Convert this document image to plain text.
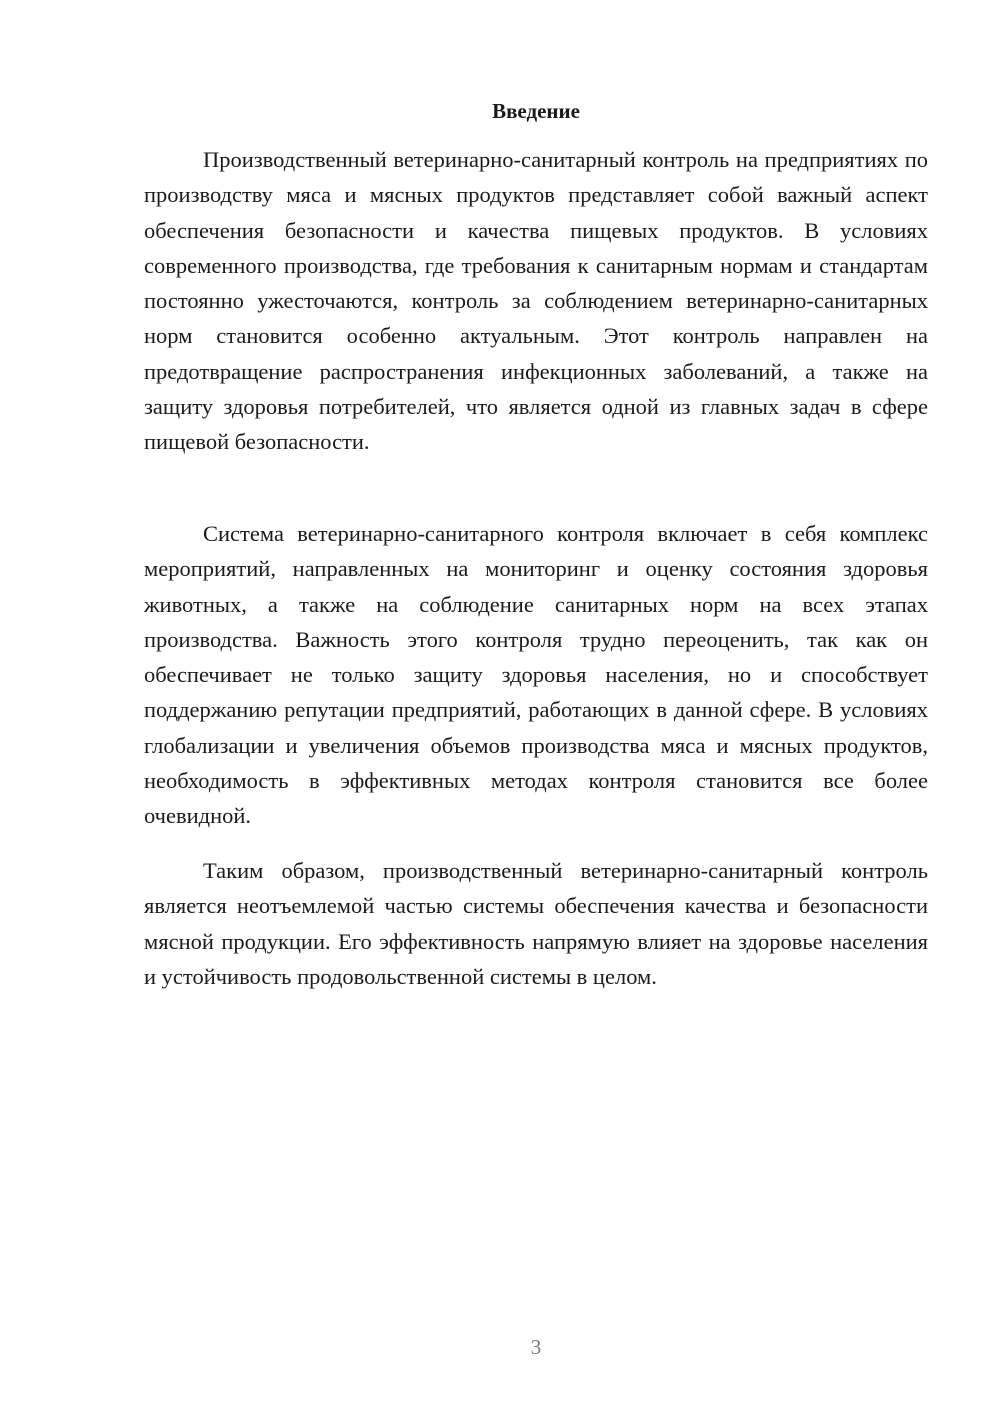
Введение

Производственный ветеринарно-санитарный контроль на предприятиях по производству мяса и мясных продуктов представляет собой важный аспект обеспечения безопасности и качества пищевых продуктов. В условиях современного производства, где требования к санитарным нормам и стандартам постоянно ужесточаются, контроль за соблюдением ветеринарно-санитарных норм становится особенно актуальным. Этот контроль направлен на предотвращение распространения инфекционных заболеваний, а также на защиту здоровья потребителей, что является одной из главных задач в сфере пищевой безопасности.

Система ветеринарно-санитарного контроля включает в себя комплекс мероприятий, направленных на мониторинг и оценку состояния здоровья животных, а также на соблюдение санитарных норм на всех этапах производства. Важность этого контроля трудно переоценить, так как он обеспечивает не только защиту здоровья населения, но и способствует поддержанию репутации предприятий, работающих в данной сфере. В условиях глобализации и увеличения объемов производства мяса и мясных продуктов, необходимость в эффективных методах контроля становится все более очевидной.

Таким образом, производственный ветеринарно-санитарный контроль является неотъемлемой частью системы обеспечения качества и безопасности мясной продукции. Его эффективность напрямую влияет на здоровье населения и устойчивость продовольственной системы в целом.

3
